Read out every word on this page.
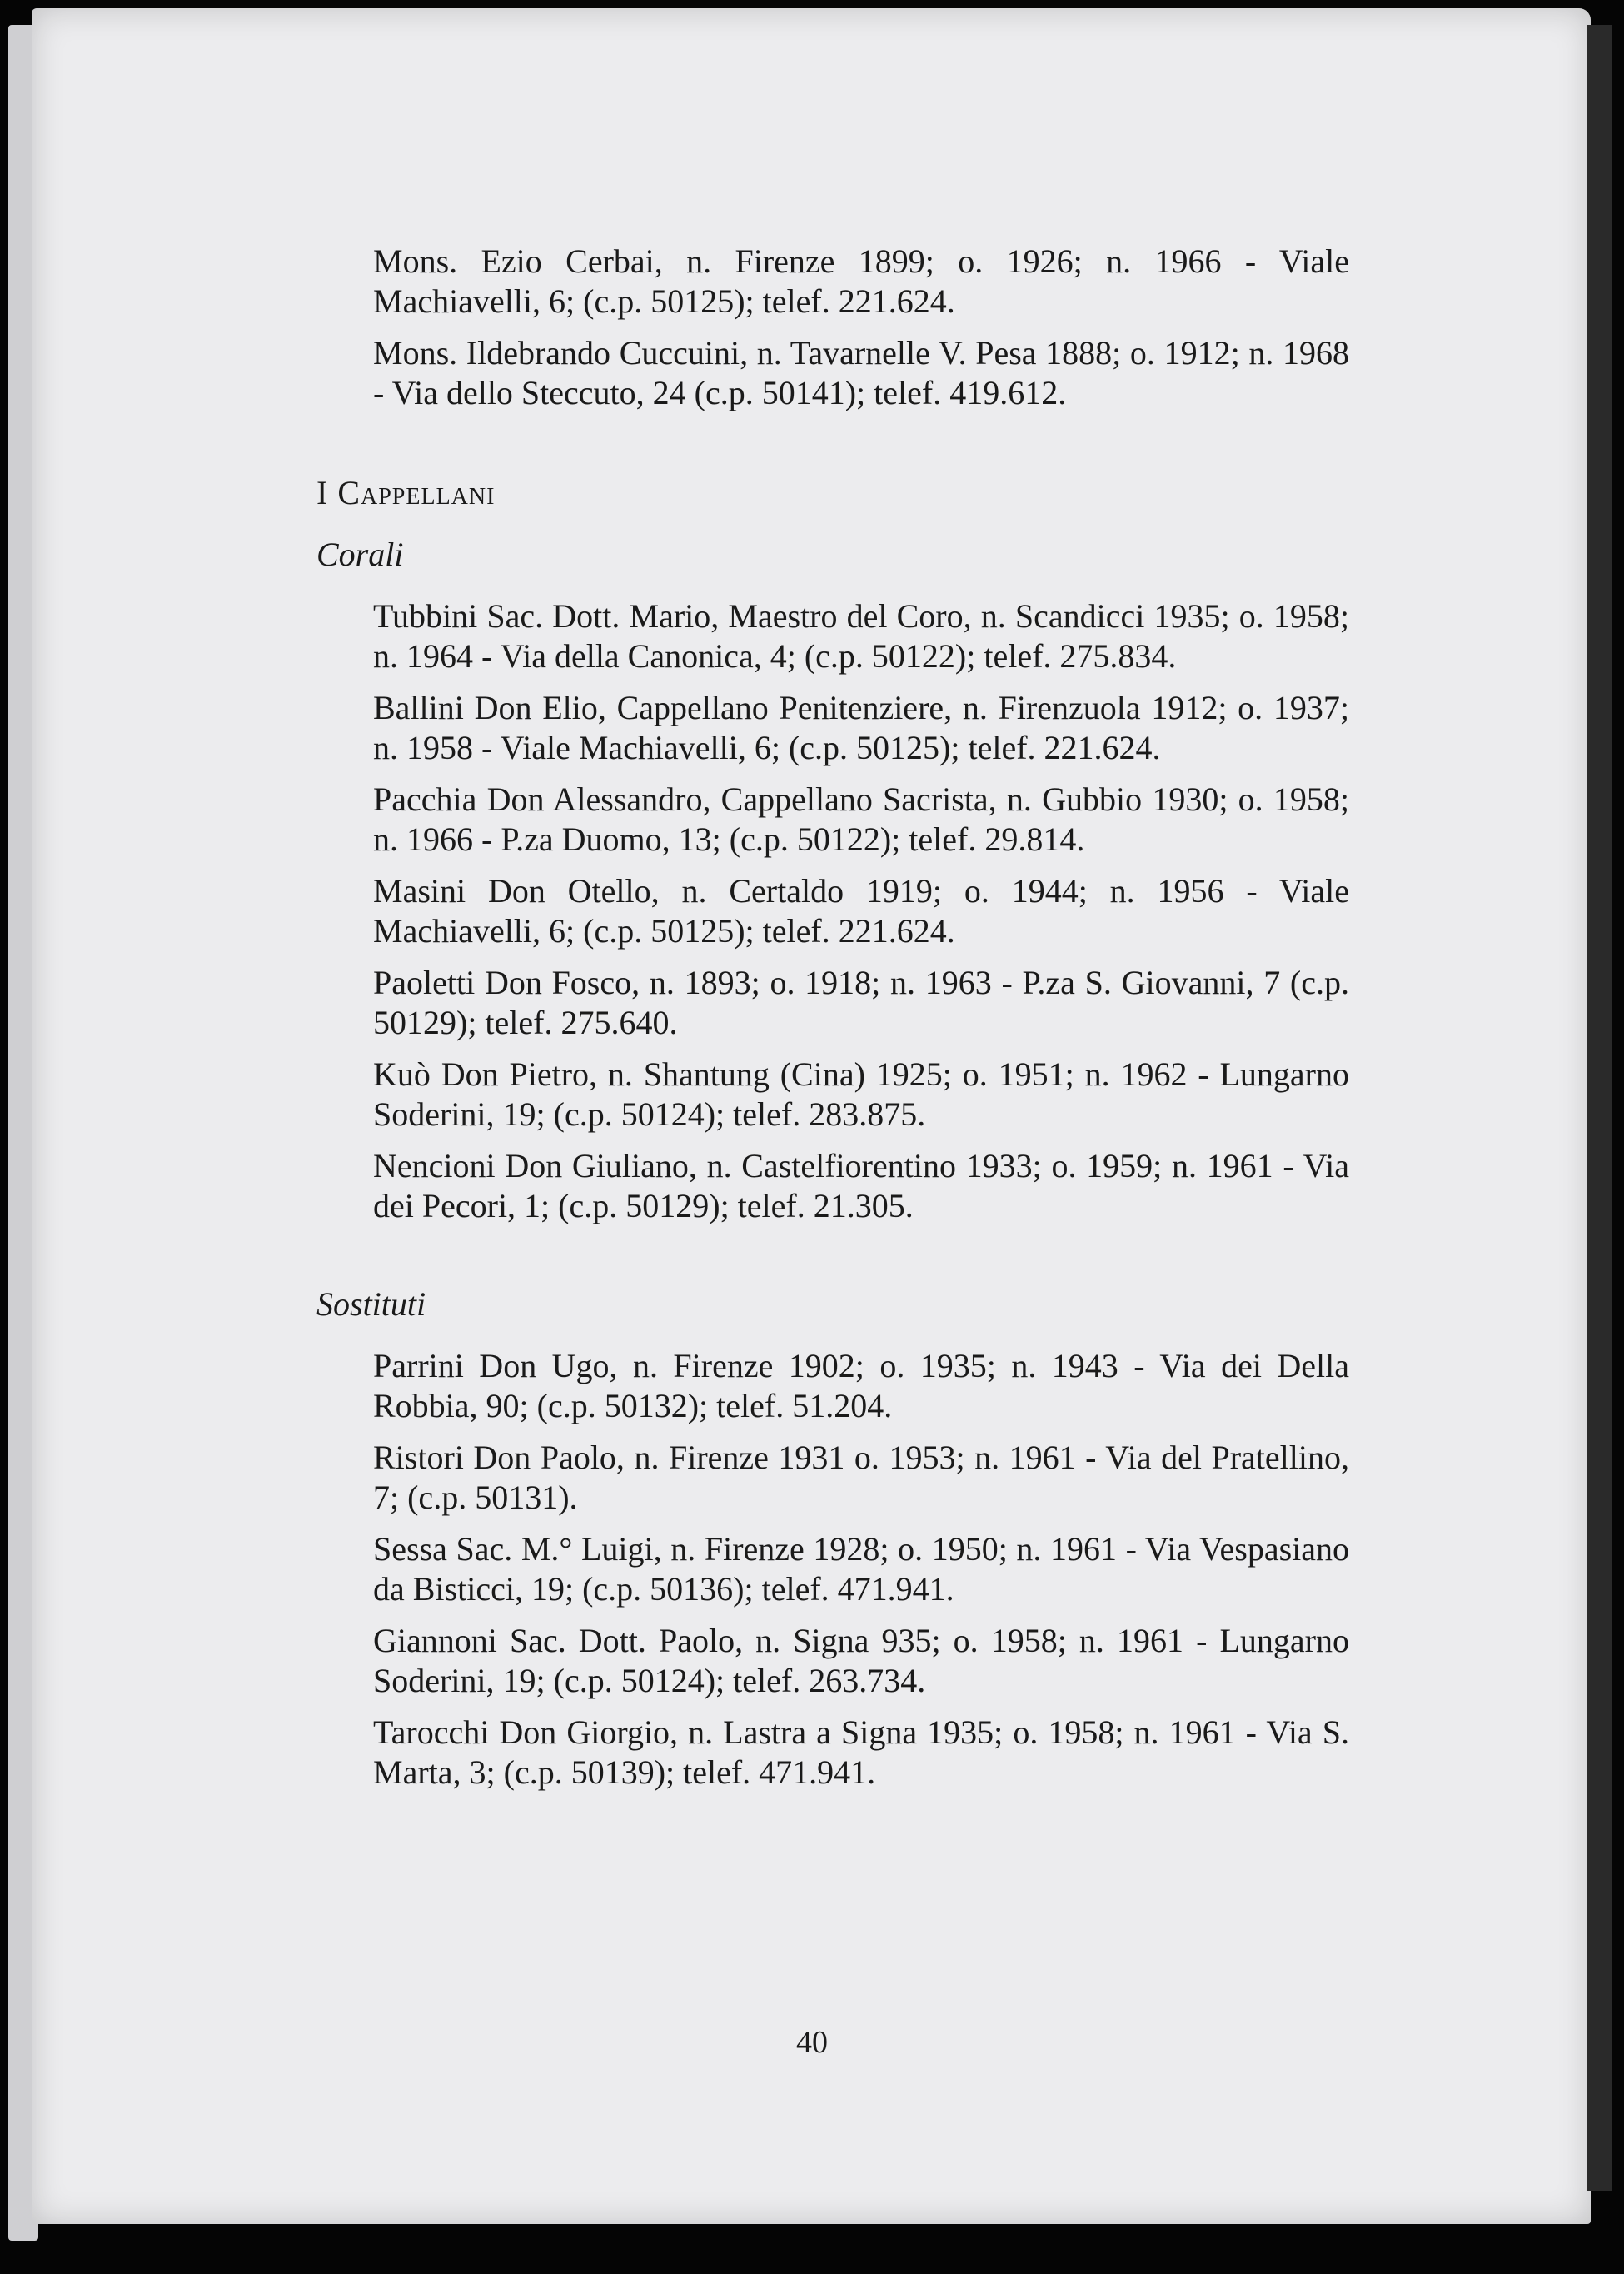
Mons. Ezio Cerbai, n. Firenze 1899; o. 1926; n. 1966 - Viale Machiavelli, 6; (c.p. 50125); telef. 221.624.

Mons. Ildebrando Cuccuini, n. Tavarnelle V. Pesa 1888; o. 1912; n. 1968 - Via dello Steccuto, 24 (c.p. 50141); telef. 419.612.

I Cappellani
Corali

Tubbini Sac. Dott. Mario, Maestro del Coro, n. Scandicci 1935; o. 1958; n. 1964 - Via della Canonica, 4; (c.p. 50122); telef. 275.834.

Ballini Don Elio, Cappellano Penitenziere, n. Firenzuola 1912; o. 1937; n. 1958 - Viale Machiavelli, 6; (c.p. 50125); telef. 221.624.

Pacchia Don Alessandro, Cappellano Sacrista, n. Gubbio 1930; o. 1958; n. 1966 - P.za Duomo, 13; (c.p. 50122); telef. 29.814.

Masini Don Otello, n. Certaldo 1919; o. 1944; n. 1956 - Viale Machiavelli, 6; (c.p. 50125); telef. 221.624.

Paoletti Don Fosco, n. 1893; o. 1918; n. 1963 - P.za S. Giovanni, 7 (c.p. 50129); telef. 275.640.

Kuò Don Pietro, n. Shantung (Cina) 1925; o. 1951; n. 1962 - Lungarno Soderini, 19; (c.p. 50124); telef. 283.875.

Nencioni Don Giuliano, n. Castelfiorentino 1933; o. 1959; n. 1961 - Via dei Pecori, 1; (c.p. 50129); telef. 21.305.

Sostituti

Parrini Don Ugo, n. Firenze 1902; o. 1935; n. 1943 - Via dei Della Robbia, 90; (c.p. 50132); telef. 51.204.

Ristori Don Paolo, n. Firenze 1931 o. 1953; n. 1961 - Via del Pratellino, 7; (c.p. 50131).

Sessa Sac. M.° Luigi, n. Firenze 1928; o. 1950; n. 1961 - Via Vespasiano da Bisticci, 19; (c.p. 50136); telef. 471.941.

Giannoni Sac. Dott. Paolo, n. Signa 935; o. 1958; n. 1961 - Lungarno Soderini, 19; (c.p. 50124); telef. 263.734.

Tarocchi Don Giorgio, n. Lastra a Signa 1935; o. 1958; n. 1961 - Via S. Marta, 3; (c.p. 50139); telef. 471.941.

40
